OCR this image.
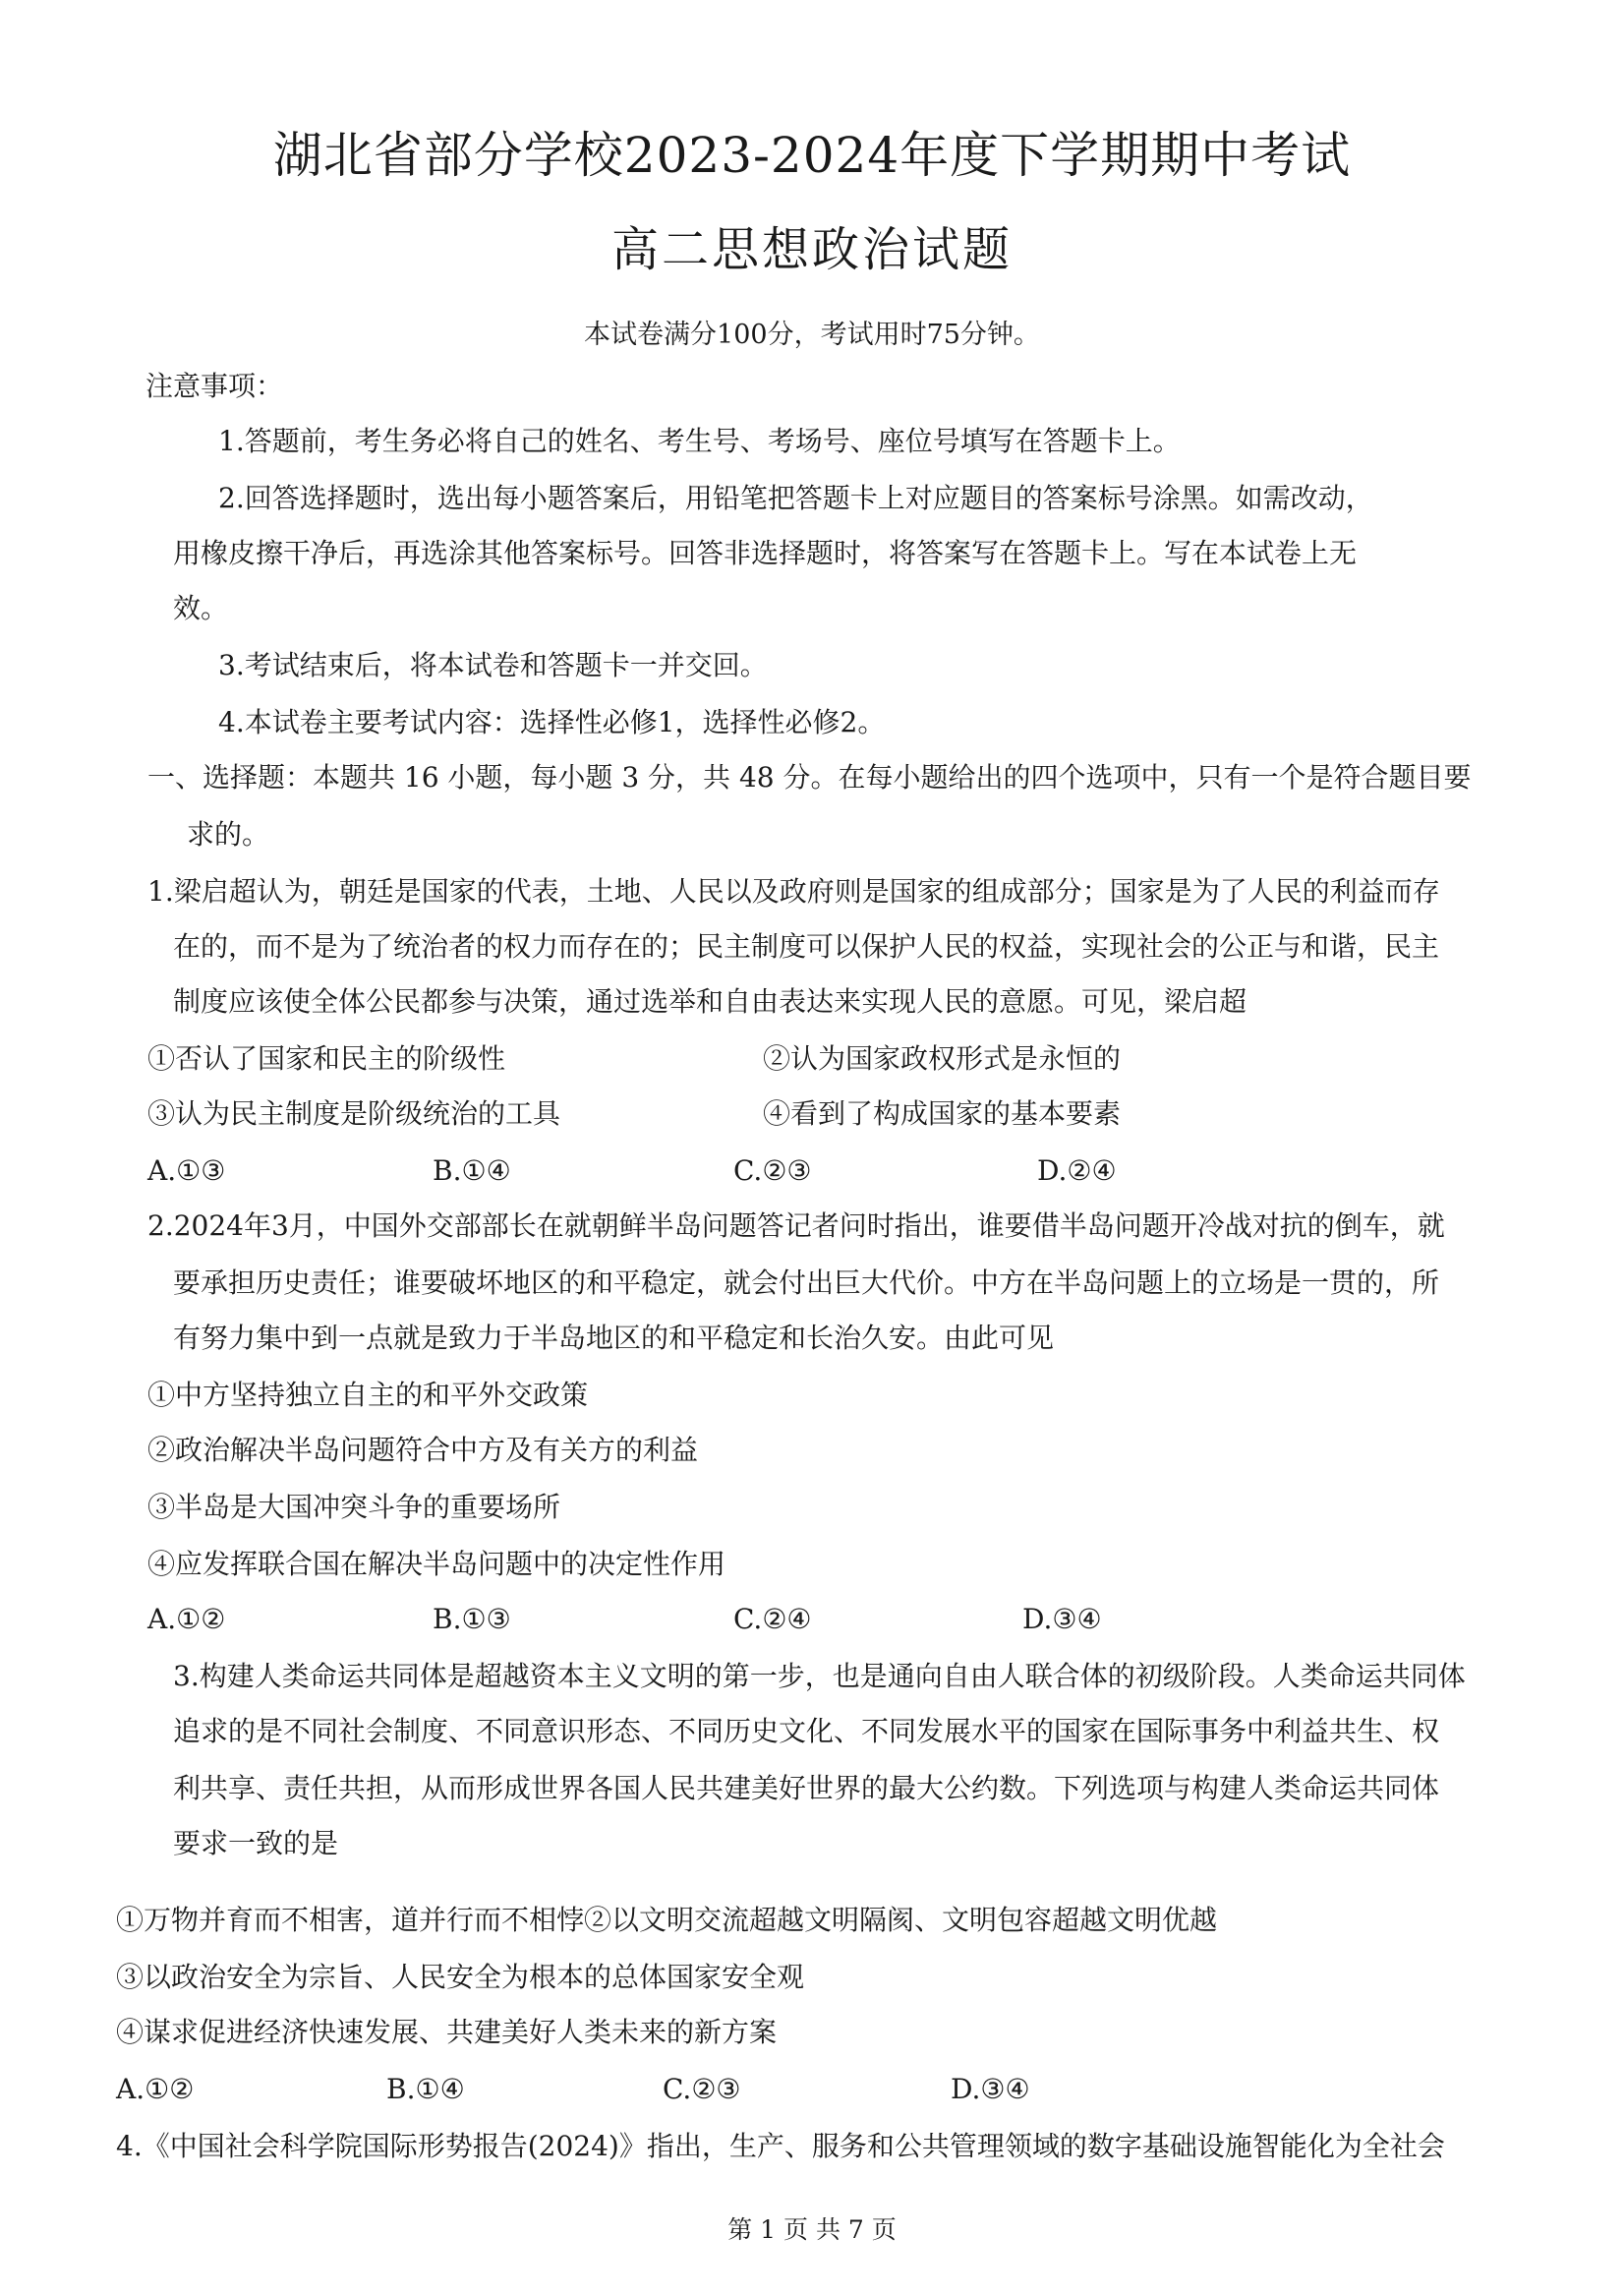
湖北省部分学校2023-2024年度下学期期中考试
高二思想政治试题
本试卷满分100分，考试用时75分钟。
注意事项：
1.答题前，考生务必将自己的姓名、考生号、考场号、座位号填写在答题卡上。
2.回答选择题时，选出每小题答案后，用铅笔把答题卡上对应题目的答案标号涂黑。如需改动，
用橡皮擦干净后，再选涂其他答案标号。回答非选择题时，将答案写在答题卡上。写在本试卷上无
效。
3.考试结束后，将本试卷和答题卡一并交回。
4.本试卷主要考试内容：选择性必修1，选择性必修2。
一、选择题：本题共 16 小题，每小题 3 分，共 48 分。在每小题给出的四个选项中，只有一个是符合题目要
求的。
1.梁启超认为，朝廷是国家的代表，土地、人民以及政府则是国家的组成部分；国家是为了人民的利益而存
在的，而不是为了统治者的权力而存在的；民主制度可以保护人民的权益，实现社会的公正与和谐，民主
制度应该使全体公民都参与决策，通过选举和自由表达来实现人民的意愿。可见，梁启超
①否认了国家和民主的阶级性	②认为国家政权形式是永恒的
③认为民主制度是阶级统治的工具	④看到了构成国家的基本要素
A.①③	B.①④	C.②③	D.②④
2.2024年3月，中国外交部部长在就朝鲜半岛问题答记者问时指出，谁要借半岛问题开冷战对抗的倒车，就
要承担历史责任；谁要破坏地区的和平稳定，就会付出巨大代价。中方在半岛问题上的立场是一贯的，所
有努力集中到一点就是致力于半岛地区的和平稳定和长治久安。由此可见
①中方坚持独立自主的和平外交政策
②政治解决半岛问题符合中方及有关方的利益
③半岛是大国冲突斗争的重要场所
④应发挥联合国在解决半岛问题中的决定性作用
A.①②	B.①③	C.②④	D.③④
3.构建人类命运共同体是超越资本主义文明的第一步，也是通向自由人联合体的初级阶段。人类命运共同体
追求的是不同社会制度、不同意识形态、不同历史文化、不同发展水平的国家在国际事务中利益共生、权
利共享、责任共担，从而形成世界各国人民共建美好世界的最大公约数。下列选项与构建人类命运共同体
要求一致的是
①万物并育而不相害，道并行而不相悖②以文明交流超越文明隔阂、文明包容超越文明优越
③以政治安全为宗旨、人民安全为根本的总体国家安全观
④谋求促进经济快速发展、共建美好人类未来的新方案
A.①②	B.①④	C.②③	D.③④
4.《中国社会科学院国际形势报告(2024)》指出，生产、服务和公共管理领域的数字基础设施智能化为全社会
第 1 页 共 7 页
